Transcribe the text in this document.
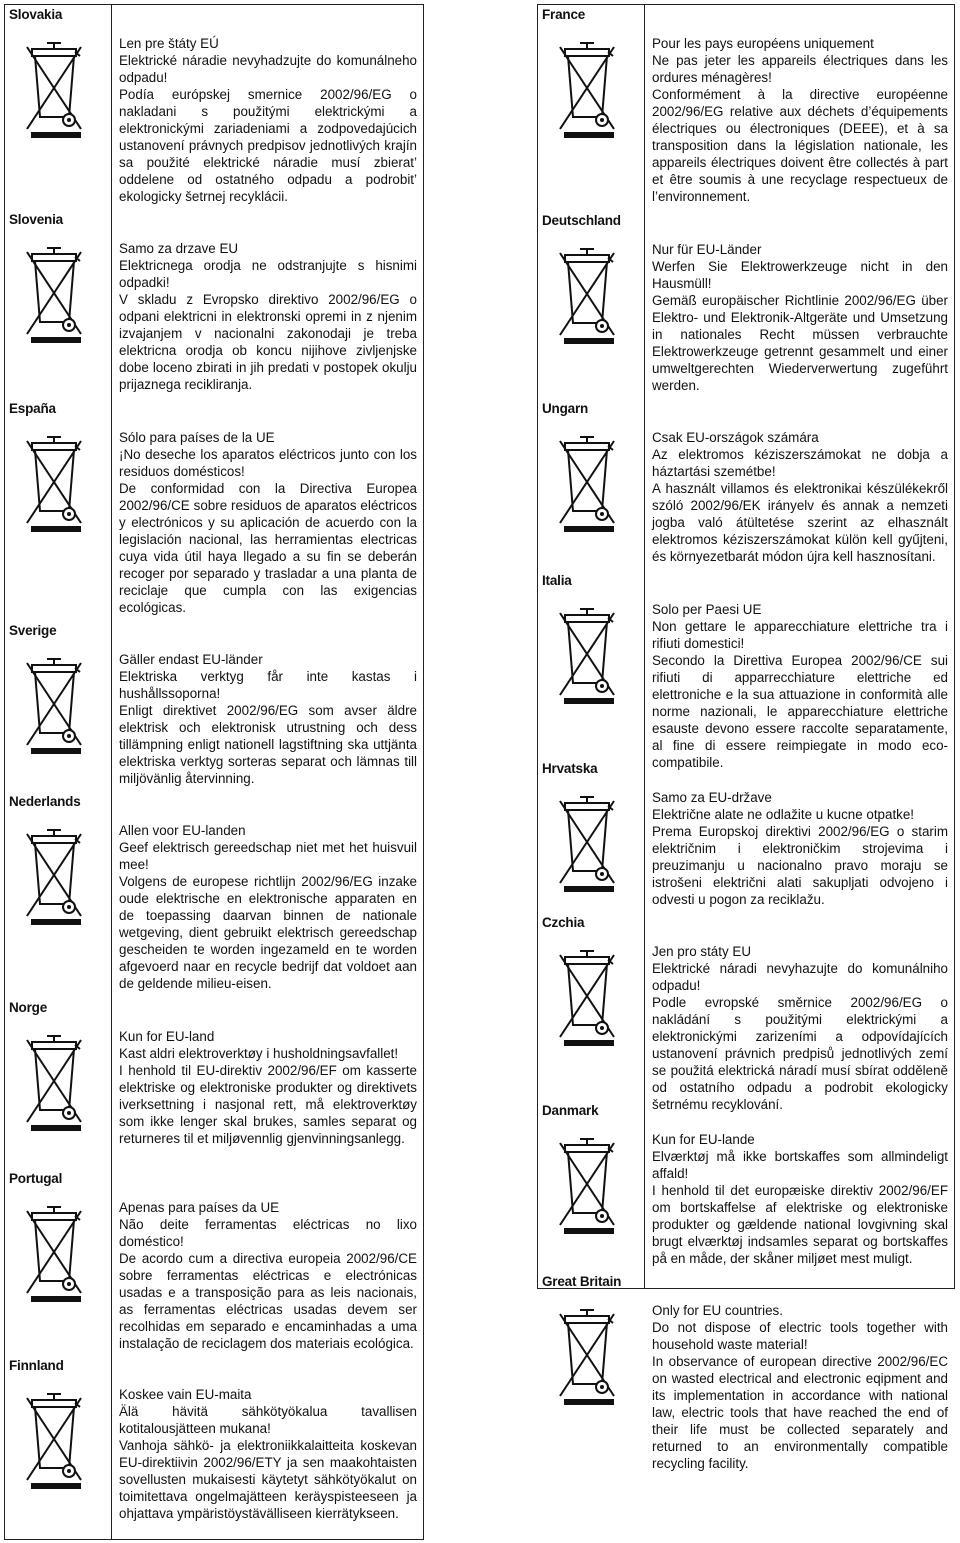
Slovakia

Len pre štáty EÚ

Elektrické náradie nevyhadzujte do komunálneho odpadu!

Podía európskej smernice 2002/96/EG o nakladani s použitými elektrickými a elektronickými zariadeniami a zodpovedajúcich ustanovení právnych predpisov jednotlivých krajín sa použité elektrické náradie musí zbierat’ oddelene od ostatného odpadu a podrobit’ ekologicky šetrnej recyklácii.

Slovenia

Samo za drzave EU

Elektricnega orodja ne odstranjujte s hisnimi odpadki!

V skladu z Evropsko direktivo 2002/96/EG o odpani elektricni in elektronski opremi in z njenim izvajanjem v nacionalni zakonodaji je treba elektricna orodja ob koncu nijihove zivljenjske dobe loceno zbirati in jih predati v postopek okulju prijaznega recikliranja.

España

Sólo para países de la UE

¡No deseche los aparatos eléctricos junto con los residuos domésticos!

De conformidad con la Directiva Europea 2002/96/CE sobre residuos de aparatos eléctricos y electrónicos y su aplicación de acuerdo con la legislación nacional, las herramientas electricas cuya vida útil haya llegado a su fin se deberán recoger por separado y trasladar a una planta de reciclaje que cumpla con las exigencias ecológicas.

Sverige

Gäller endast EU-länder

Elektriska verktyg får inte kastas i hushållssoporna!

Enligt direktivet 2002/96/EG som avser äldre elektrisk och elektronisk utrustning och dess tillämpning enligt nationell lagstiftning ska uttjänta elektriska verktyg sorteras separat och lämnas till miljövänlig återvinning.

Nederlands

Allen voor EU-landen

Geef elektrisch gereedschap niet met het huisvuil mee!

Volgens de europese richtlijn 2002/96/EG inzake oude elektrische en elektronische apparaten en de toepassing daarvan binnen de nationale wetgeving, dient gebruikt elektrisch gereedschap gescheiden te worden ingezameld en te worden afgevoerd naar en recycle bedrijf dat voldoet aan de geldende milieu-eisen.

Norge

Kun for EU-land

Kast aldri elektroverktøy i husholdningsavfallet!

I henhold til EU-direktiv 2002/96/EF om kasserte elektriske og elektroniske produkter og direktivets iverksettning i nasjonal rett, må elektroverktøy som ikke lenger skal brukes, samles separat og returneres til et miljøvennlig gjenvinningsanlegg.

Portugal

Apenas para países da UE

Não deite ferramentas eléctricas no lixo doméstico!

De acordo cum a directiva europeia 2002/96/CE sobre ferramentas eléctricas e electrónicas usadas e a transposição para as leis nacionais, as ferramentas eléctricas usadas devem ser recolhidas em separado e encaminhadas a uma instalação de reciclagem dos materiais ecológica.

Finnland

Koskee vain EU-maita

Älä hävitä sähkötyökalua tavallisen kotitalousjätteen mukana!

Vanhoja sähkö- ja elektroniikkalaitteita koskevan EU-direktiivin 2002/96/ETY ja sen maakohtaisten sovellusten mukaisesti käytetyt sähkötyökalut on toimitettava ongelmajätteen keräyspisteeseen ja ohjattava ympäristöystävälliseen kierrätykseen.

France

Pour les pays européens uniquement

Ne pas jeter les appareils électriques dans les ordures ménagères!

Conformément à la directive européenne 2002/96/EG relative aux déchets d’équipements électriques ou électroniques (DEEE), et à sa transposition dans la législation nationale, les appareils électriques doivent être collectés à part et être soumis à une recyclage respectueux de l’environnement.

Deutschland

Nur für EU-Länder

Werfen Sie Elektrowerkzeuge nicht in den Hausmüll!

Gemäß europäischer Richtlinie 2002/96/EG über Elektro- und Elektronik-Altgeräte und Umsetzung in nationales Recht müssen verbrauchte Elektrowerkzeuge getrennt gesammelt und einer umweltgerechten Wiederverwertung zugeführt werden.

Ungarn

Csak EU-országok számára

Az elektromos kéziszerszámokat ne dobja a háztartási szemétbe!

A használt villamos és elektronikai készülékekről szóló 2002/96/EK irányelv és annak a nemzeti jogba való átültetése szerint az elhasznált elektromos kéziszerszámokat külön kell gyűjteni, és környezetbarát módon újra kell hasznosítani.

Italia

Solo per Paesi UE

Non gettare le apparecchiature elettriche tra i rifiuti domestici!

Secondo la Direttiva Europea 2002/96/CE sui rifiuti di apparrecchiature elettriche ed elettroniche e la sua attuazione in conformità alle norme nazionali, le apparecchiature elettriche esauste devono essere raccolte separatamente, al fine di essere reimpiegate in modo eco-compatibile.

Hrvatska

Samo za EU-države

Električne alate ne odlažite u kucne otpatke!

Prema Europskoj direktivi 2002/96/EG o starim električnim i elektroničkim strojevima i preuzimanju u nacionalno pravo moraju se istrošeni električni alati sakupljati odvojeno i odvesti u pogon za reciklažu.

Czchia

Jen pro státy EU

Elektrické náradi nevyhazujte do komunálniho odpadu!

Podle evropské směrnice 2002/96/EG o nakládání s použitými elektrickými a elektronickými zarizeními a odpovídajících ustanovení právnich predpisů jednotlivých zemí se použitá elektrická náradí musí sbírat odděleně od ostatního odpadu a podrobit ekologicky šetrnému recyklování.

Danmark

Kun for EU-lande

Elværktøj må ikke bortskaffes som allmindeligt affald!

I henhold til det europæiske direktiv 2002/96/EF om bortskaffelse af elektriske og elektroniske produkter og gældende national lovgivning skal brugt elværktøj indsamles separat og bortskaffes på en måde, der skåner miljøet mest muligt.

Great Britain

Only for EU countries.

Do not dispose of electric tools together with household waste material!

In observance of european directive 2002/96/EC on wasted electrical and electronic eqipment and its implementation in accordance with national law, electric tools that have reached the end of their life must be collected separately and returned to an environmentally compatible recycling facility.
